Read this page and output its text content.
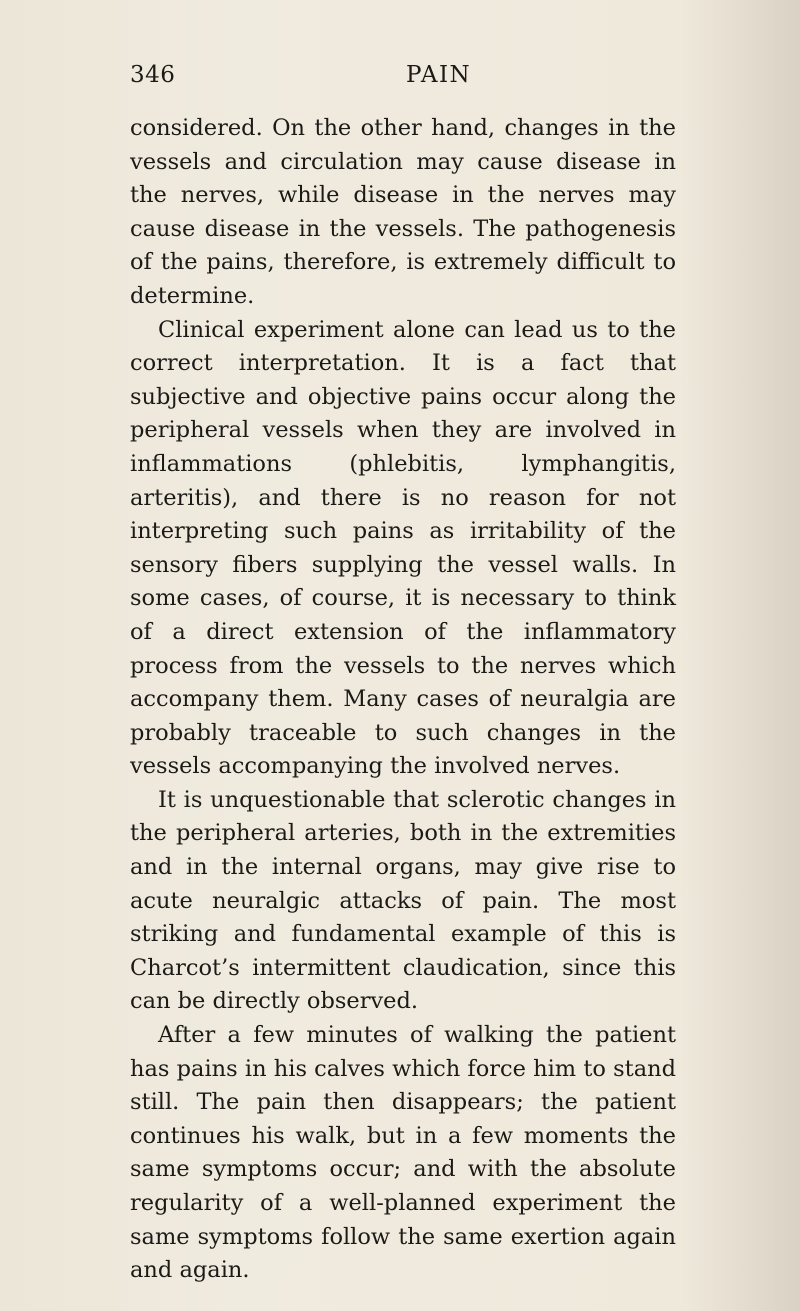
346	PAIN

considered. On the other hand, changes in the vessels and circulation may cause disease in the nerves, while disease in the nerves may cause disease in the vessels. The pathogenesis of the pains, therefore, is extremely difficult to determine.

Clinical experiment alone can lead us to the correct interpretation. It is a fact that subjective and objective pains occur along the peripheral vessels when they are involved in inflammations (phlebitis, lymphangitis, arteritis), and there is no reason for not interpreting such pains as irritability of the sensory fibers supplying the vessel walls. In some cases, of course, it is necessary to think of a direct extension of the inflammatory process from the vessels to the nerves which accompany them. Many cases of neuralgia are probably traceable to such changes in the vessels accompanying the involved nerves.

It is unquestionable that sclerotic changes in the peripheral arteries, both in the extremities and in the internal organs, may give rise to acute neuralgic attacks of pain. The most striking and fundamental example of this is Charcot’s intermittent claudication, since this can be directly observed.

After a few minutes of walking the patient has pains in his calves which force him to stand still. The pain then disappears; the patient continues his walk, but in a few moments the same symptoms occur; and with the absolute regularity of a well-planned experiment the same symptoms follow the same exertion again and again.
